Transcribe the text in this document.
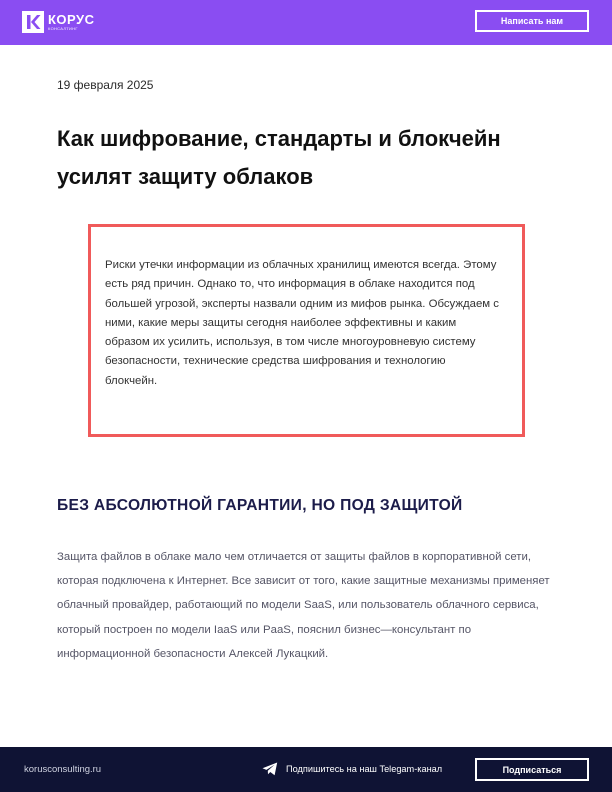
КОРУС
КОНСАЛТИНГ
Написать нам
19 февраля 2025
Как шифрование, стандарты и блокчейн усилят защиту облаков

Риски утечки информации из облачных хранилищ имеются всегда. Этому есть ряд причин. Однако то, что информация в облаке находится под большей угрозой, эксперты назвали одним из мифов рынка. Обсуждаем с ними, какие меры защиты сегодня наиболее эффективны и каким образом их усилить, используя, в том числе многоуровневую систему безопасности, технические средства шифрования и технологию блокчейн.

БЕЗ АБСОЛЮТНОЙ ГАРАНТИИ, НО ПОД ЗАЩИТОЙ

Защита файлов в облаке мало чем отличается от защиты файлов в корпоративной сети, которая подключена к Интернет. Все зависит от того, какие защитные механизмы применяет облачный провайдер, работающий по модели SaaS, или пользователь облачного сервиса, который построен по модели IaaS или PaaS, пояснил бизнес—консультант по информационной безопасности Алексей Лукацкий.

korusconsulting.ru	Подпишитесь на наш Telegam-канал	Подписаться
